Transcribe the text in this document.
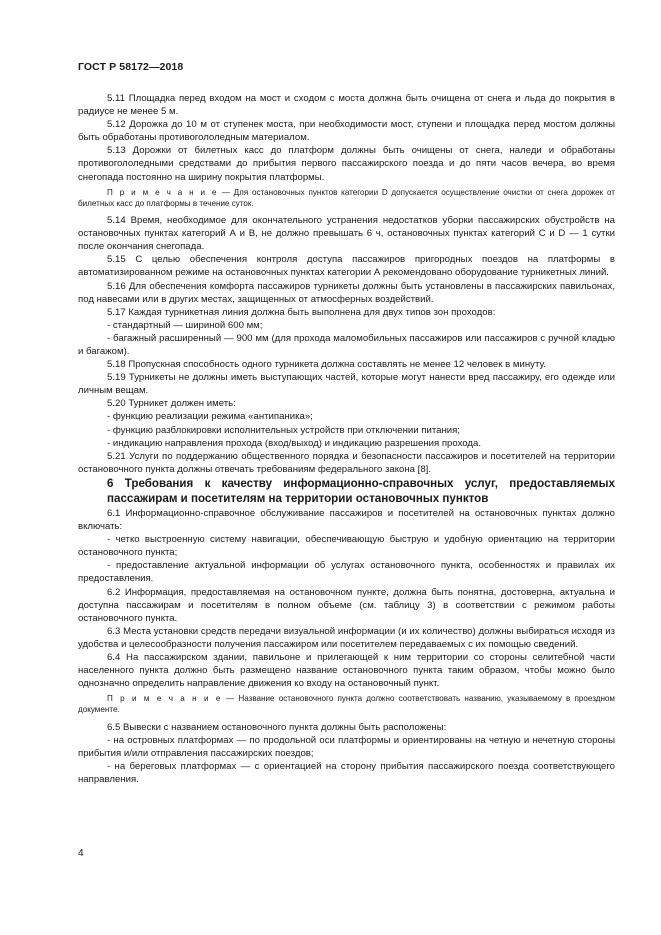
ГОСТ Р 58172—2018

5.11 Площадка перед входом на мост и сходом с моста должна быть очищена от снега и льда до покрытия в радиусе не менее 5 м.

5.12 Дорожка до 10 м от ступенек моста, при необходимости мост, ступени и площадка перед мостом должны быть обработаны противогололедным материалом.

5.13 Дорожки от билетных касс до платформ должны быть очищены от снега, наледи и обработаны противогололедными средствами до прибытия первого пассажирского поезда и до пяти часов вечера, во время снегопада постоянно на ширину покрытия платформы.

П р и м е ч а н и е — Для остановочных пунктов категории D допускается осуществление очистки от снега дорожек от билетных касс до платформы в течение суток.

5.14 Время, необходимое для окончательного устранения недостатков уборки пассажирских обустройств на остановочных пунктах категорий А и В, не должно превышать 6 ч, остановочных пунктах категорий С и D — 1 сутки после окончания снегопада.

5.15 С целью обеспечения контроля доступа пассажиров пригородных поездов на платформы в автоматизированном режиме на остановочных пунктах категории А рекомендовано оборудование турникетных линий.

5.16 Для обеспечения комфорта пассажиров турникеты должны быть установлены в пассажирских павильонах, под навесами или в других местах, защищенных от атмосферных воздействий.

5.17 Каждая турникетная линия должна быть выполнена для двух типов зон проходов:

- стандартный — шириной 600 мм;

- багажный расширенный — 900 мм (для прохода маломобильных пассажиров или пассажиров с ручной кладью и багажом).

5.18 Пропускная способность одного турникета должна составлять не менее 12 человек в минуту.

5.19 Турникеты не должны иметь выступающих частей, которые могут нанести вред пассажиру, его одежде или личным вещам.

5.20 Турникет должен иметь:

- функцию реализации режима «антипаника»;

- функцию разблокировки исполнительных устройств при отключении питания;

- индикацию направления прохода (вход/выход) и индикацию разрешения прохода.

5.21 Услуги по поддержанию общественного порядка и безопасности пассажиров и посетителей на территории остановочного пункта должны отвечать требованиям федерального закона [8].

6 Требования к качеству информационно-справочных услуг, предоставляемых пассажирам и посетителям на территории остановочных пунктов

6.1 Информационно-справочное обслуживание пассажиров и посетителей на остановочных пунктах должно включать:

- четко выстроенную систему навигации, обеспечивающую быструю и удобную ориентацию на территории остановочного пункта;

- предоставление актуальной информации об услугах остановочного пункта, особенностях и правилах их предоставления.

6.2 Информация, предоставляемая на остановочном пункте, должна быть понятна, достоверна, актуальна и доступна пассажирам и посетителям в полном объеме (см. таблицу 3) в соответствии с режимом работы остановочного пункта.

6.3 Места установки средств передачи визуальной информации (и их количество) должны выбираться исходя из удобства и целесообразности получения пассажиром или посетителем передаваемых с их помощью сведений.

6.4 На пассажирском здании, павильоне и прилегающей к ним территории со стороны селитебной части населенного пункта должно быть размещено название остановочного пункта таким образом, чтобы можно было однозначно определить направление движения ко входу на остановочный пункт.

П р и м е ч а н и е — Название остановочного пункта должно соответствовать названию, указываемому в проездном документе.

6.5 Вывески с названием остановочного пункта должны быть расположены:

- на островных платформах — по продольной оси платформы и ориентированы на четную и нечетную стороны прибытия и/или отправления пассажирских поездов;

- на береговых платформах — с ориентацией на сторону прибытия пассажирского поезда соответствующего направления.

4
